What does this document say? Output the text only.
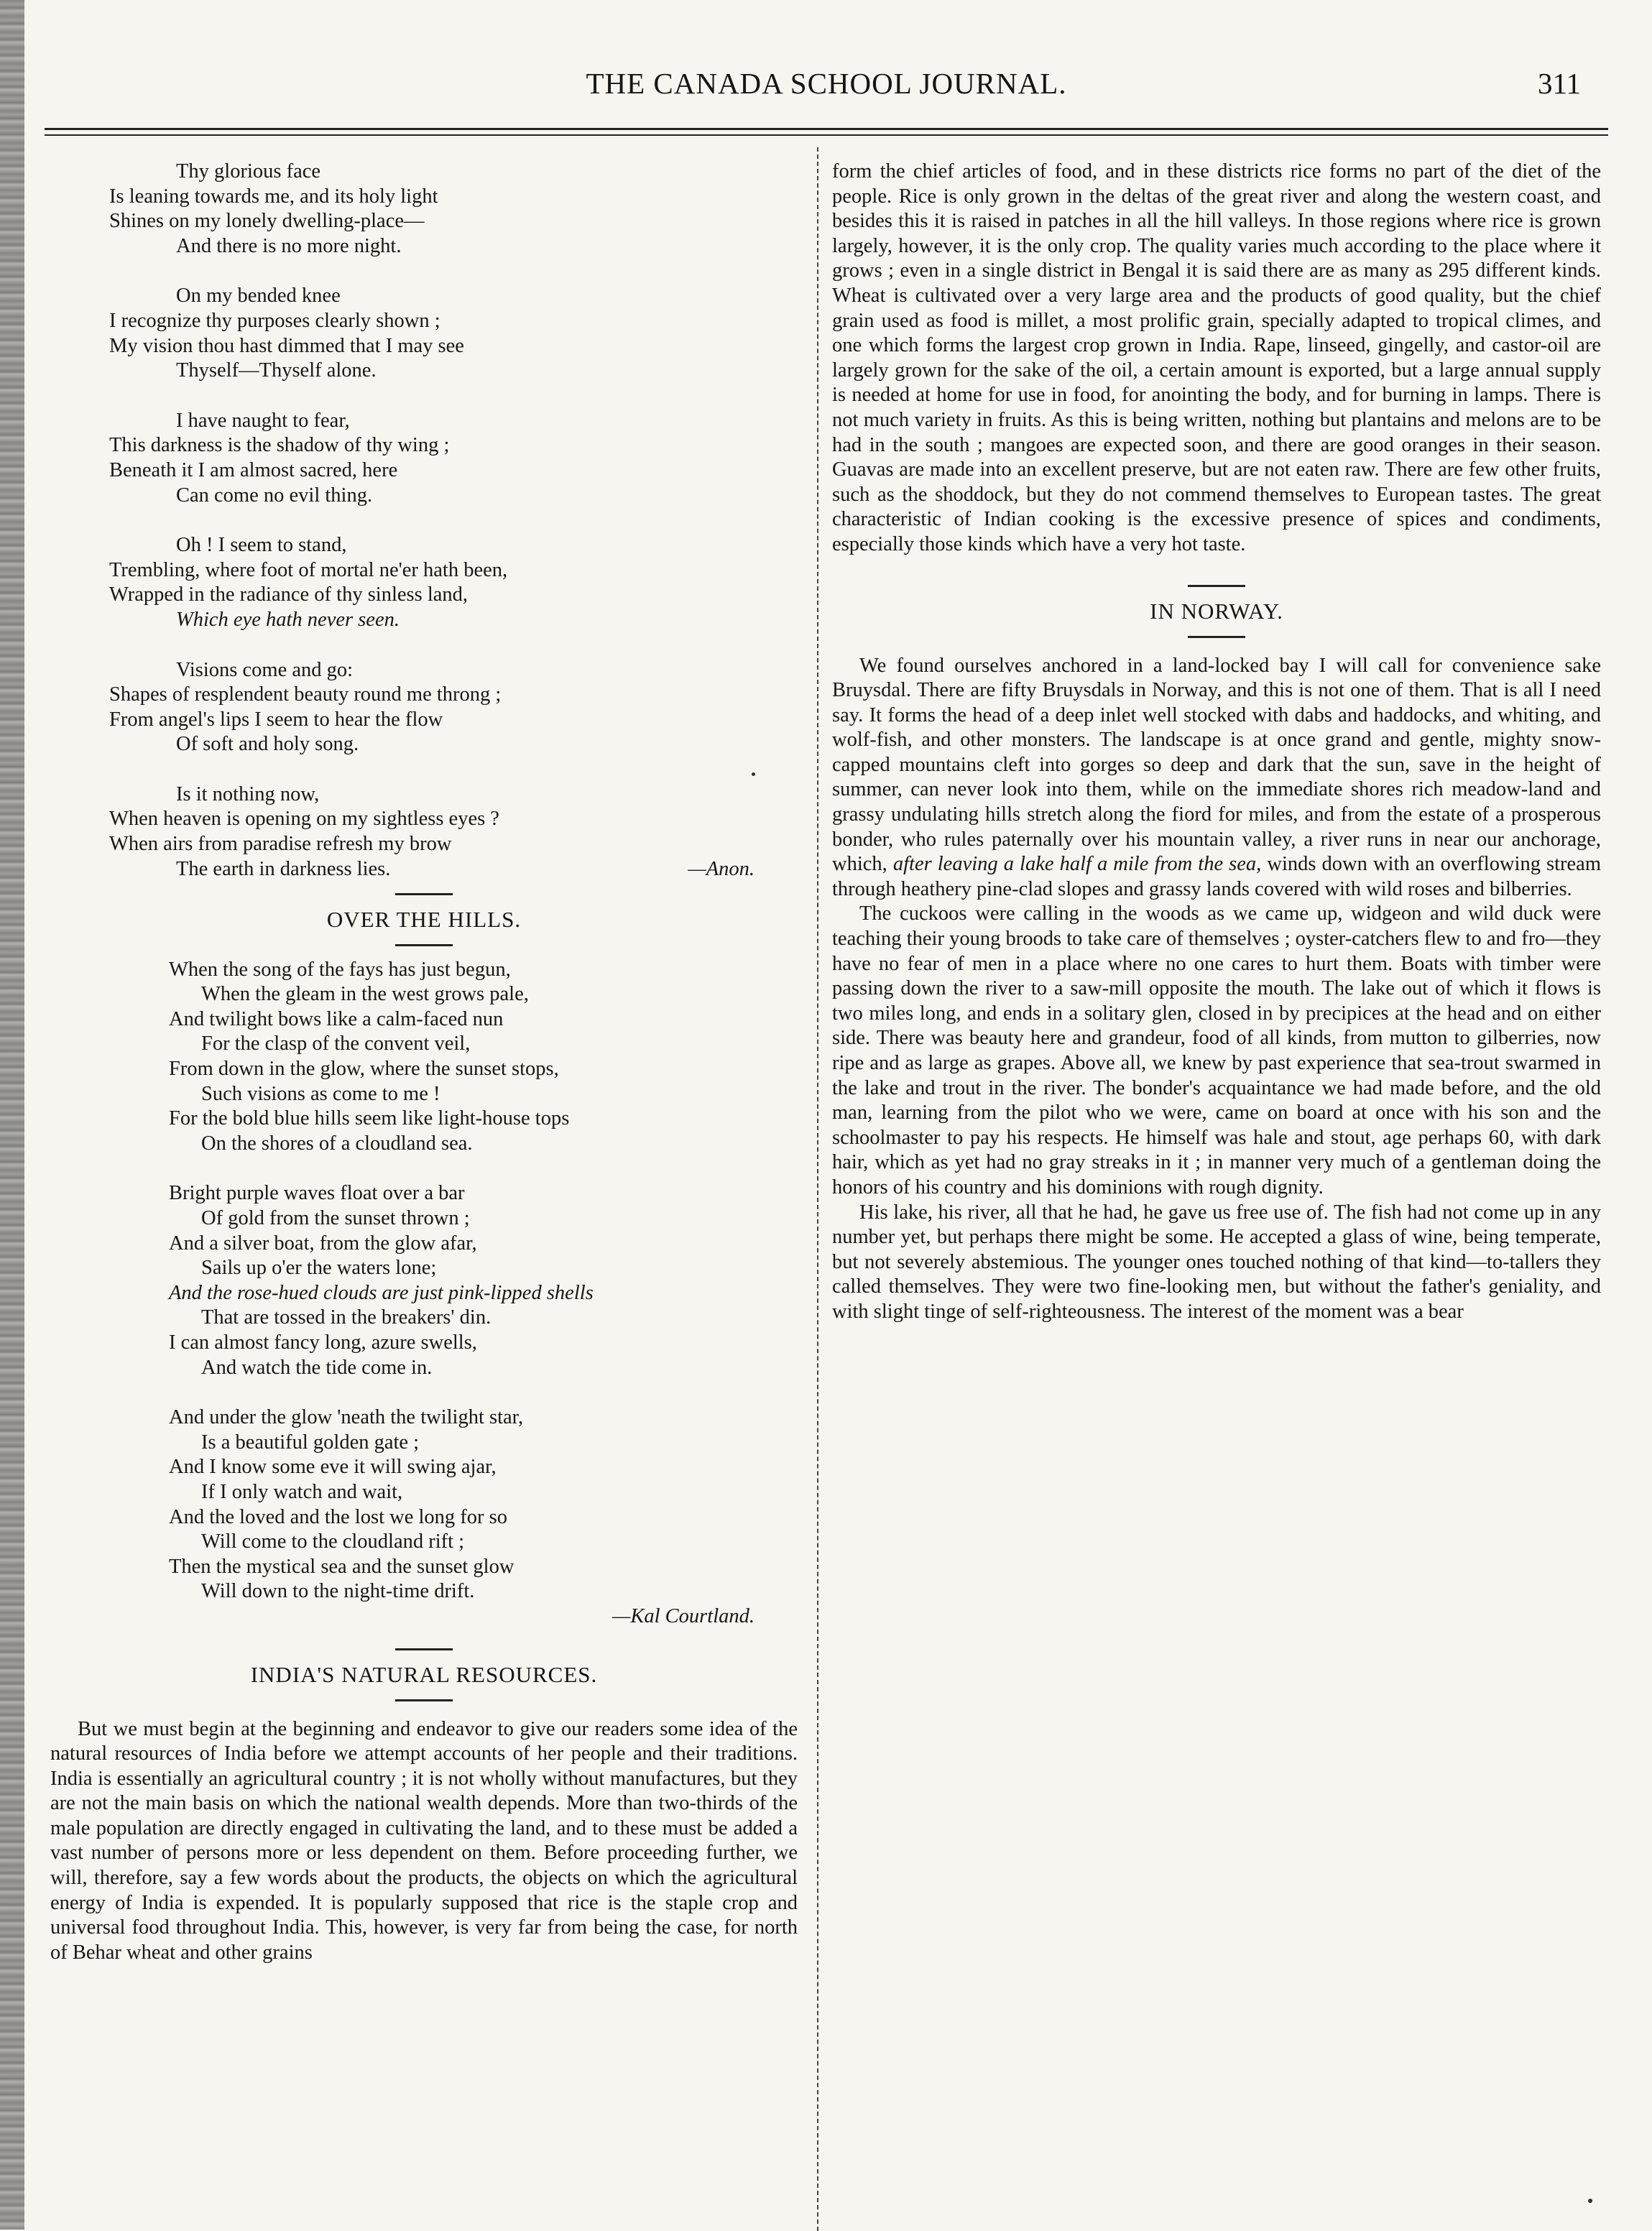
THE CANADA SCHOOL JOURNAL.	311
Thy glorious face
Is leaning towards me, and its holy light
Shines on my lonely dwelling-place—
And there is no more night.
On my bended knee
I recognize thy purposes clearly shown ;
My vision thou hast dimmed that I may see
Thyself—Thyself alone.
I have naught to fear,
This darkness is the shadow of thy wing ;
Beneath it I am almost sacred, here
Can come no evil thing.
Oh ! I seem to stand,
Trembling, where foot of mortal ne'er hath been,
Wrapped in the radiance of thy sinless land,
Which eye hath never seen.
Visions come and go:
Shapes of resplendent beauty round me throng ;
From angel's lips I seem to hear the flow
Of soft and holy song.
Is it nothing now,
When heaven is opening on my sightless eyes ?
When airs from paradise refresh my brow
The earth in darkness lies.	—Anon.
OVER THE HILLS.
When the song of the fays has just begun,
When the gleam in the west grows pale,
And twilight bows like a calm-faced nun
For the clasp of the convent veil,
From down in the glow, where the sunset stops,
Such visions as come to me !
For the bold blue hills seem like light-house tops
On the shores of a cloudland sea.
Bright purple waves float over a bar
Of gold from the sunset thrown ;
And a silver boat, from the glow afar,
Sails up o'er the waters lone;
And the rose-hued clouds are just pink-lipped shells
That are tossed in the breakers' din.
I can almost fancy long, azure swells,
And watch the tide come in.
And under the glow 'neath the twilight star,
Is a beautiful golden gate ;
And I know some eve it will swing ajar,
If I only watch and wait,
And the loved and the lost we long for so
Will come to the cloudland rift ;
Then the mystical sea and the sunset glow
Will down to the night-time drift.
—Kal Courtland.
INDIA'S NATURAL RESOURCES.

But we must begin at the beginning and endeavor to give our readers some idea of the natural resources of India before we attempt accounts of her people and their traditions. India is essentially an agricultural country ; it is not wholly without manufactures, but they are not the main basis on which the national wealth depends. More than two-thirds of the male population are directly engaged in cultivating the land, and to these must be added a vast number of persons more or less dependent on them. Before proceeding further, we will, therefore, say a few words about the products, the objects on which the agricultural energy of India is expended. It is popularly supposed that rice is the staple crop and universal food throughout India. This, however, is very far from being the case, for north of Behar wheat and other grains

form the chief articles of food, and in these districts rice forms no part of the diet of the people. Rice is only grown in the deltas of the great river and along the western coast, and besides this it is raised in patches in all the hill valleys. In those regions where rice is grown largely, however, it is the only crop. The quality varies much according to the place where it grows ; even in a single district in Bengal it is said there are as many as 295 different kinds. Wheat is cultivated over a very large area and the products of good quality, but the chief grain used as food is millet, a most prolific grain, specially adapted to tropical climes, and one which forms the largest crop grown in India. Rape, linseed, gingelly, and castor-oil are largely grown for the sake of the oil, a certain amount is exported, but a large annual supply is needed at home for use in food, for anointing the body, and for burning in lamps. There is not much variety in fruits. As this is being written, nothing but plantains and melons are to be had in the south ; mangoes are expected soon, and there are good oranges in their season. Guavas are made into an excellent preserve, but are not eaten raw. There are few other fruits, such as the shoddock, but they do not commend themselves to European tastes. The great characteristic of Indian cooking is the excessive presence of spices and condiments, especially those kinds which have a very hot taste.

IN NORWAY.

We found ourselves anchored in a land-locked bay I will call for convenience sake Bruysdal. There are fifty Bruysdals in Norway, and this is not one of them. That is all I need say. It forms the head of a deep inlet well stocked with dabs and haddocks, and whiting, and wolf-fish, and other monsters. The landscape is at once grand and gentle, mighty snow-capped mountains cleft into gorges so deep and dark that the sun, save in the height of summer, can never look into them, while on the immediate shores rich meadow-land and grassy undulating hills stretch along the fiord for miles, and from the estate of a prosperous bonder, who rules paternally over his mountain valley, a river runs in near our anchorage, which, after leaving a lake half a mile from the sea, winds down with an overflowing stream through heathery pine-clad slopes and grassy lands covered with wild roses and bilberries.

The cuckoos were calling in the woods as we came up, widgeon and wild duck were teaching their young broods to take care of themselves ; oyster-catchers flew to and fro—they have no fear of men in a place where no one cares to hurt them. Boats with timber were passing down the river to a saw-mill opposite the mouth. The lake out of which it flows is two miles long, and ends in a solitary glen, closed in by precipices at the head and on either side. There was beauty here and grandeur, food of all kinds, from mutton to gilberries, now ripe and as large as grapes. Above all, we knew by past experience that sea-trout swarmed in the lake and trout in the river. The bonder's acquaintance we had made before, and the old man, learning from the pilot who we were, came on board at once with his son and the schoolmaster to pay his respects. He himself was hale and stout, age perhaps 60, with dark hair, which as yet had no gray streaks in it ; in manner very much of a gentleman doing the honors of his country and his dominions with rough dignity.

His lake, his river, all that he had, he gave us free use of. The fish had not come up in any number yet, but perhaps there might be some. He accepted a glass of wine, being temperate, but not severely abstemious. The younger ones touched nothing of that kind—to-tallers they called themselves. They were two fine-looking men, but without the father's geniality, and with slight tinge of self-righteousness. The interest of the moment was a bear
